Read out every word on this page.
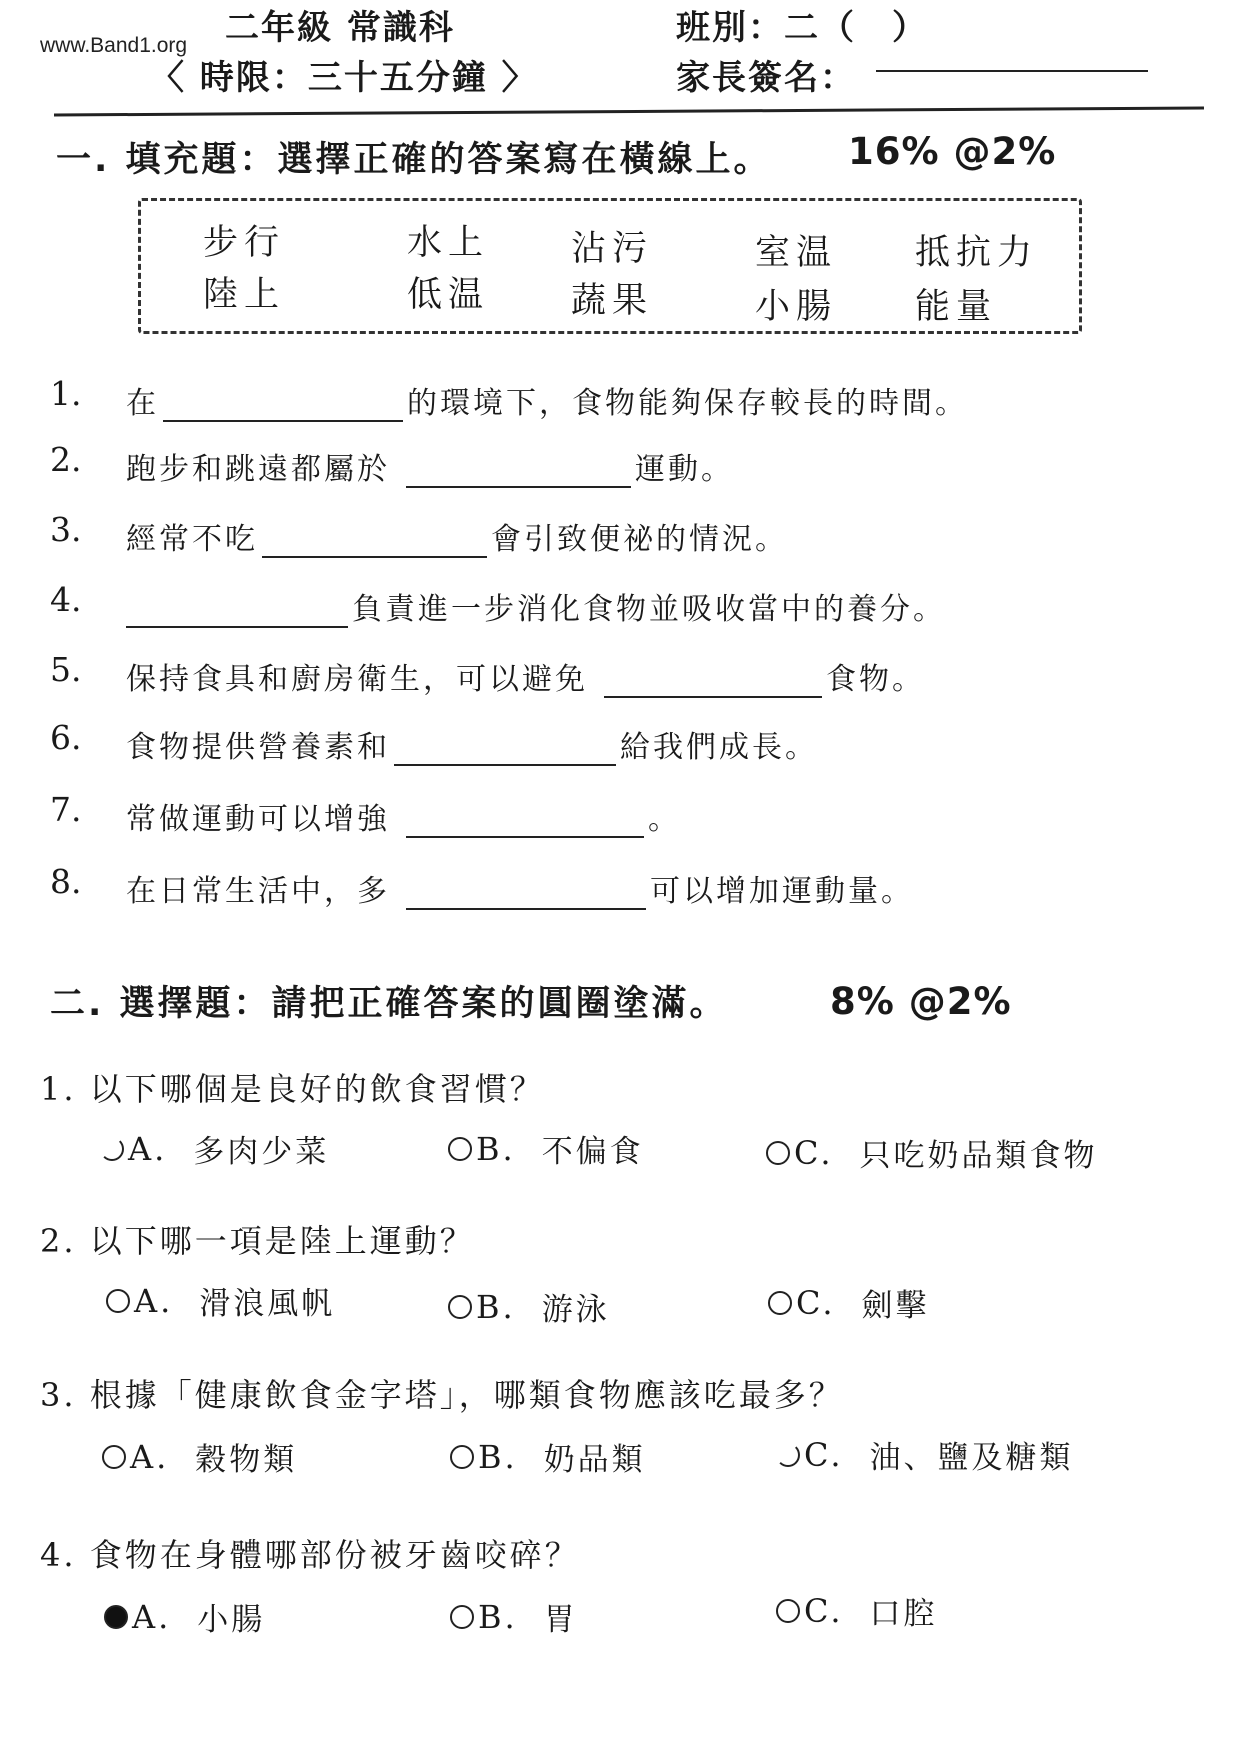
www.Band1.org 二年級 常識科
〈 時限：三十五分鐘 〉
班別：二（　）
家長簽名：
一. 填充題：選擇正確的答案寫在橫線上。 16% @2%
步行	水上 沾污	室温 抵抗力
陸上	低温 蔬果	小腸 能量
1. 在	的環境下，食物能夠保存較長的時間。
2. 跑步和跳遠都屬於	運動。
3. 經常不吃	會引致便祕的情況。
4.	負責進一步消化食物並吸收當中的養分。
5. 保持食具和廚房衛生，可以避免	食物。
6. 食物提供營養素和	給我們成長。
7. 常做運動可以增強	。
8. 在日常生活中，多	可以增加運動量。
二. 選擇題：請把正確答案的圓圈塗滿。	8% @2%
1. 以下哪個是良好的飲食習慣？
A. 多肉少菜	B. 不偏食	C. 只吃奶品類食物
2. 以下哪一項是陸上運動？
A. 滑浪風帆	B. 游泳	C. 劍擊
3. 根據「健康飲食金字塔」，哪類食物應該吃最多？
A. 穀物類	B. 奶品類	C. 油、鹽及糖類
4. 食物在身體哪部份被牙齒咬碎？
A. 小腸	B. 胃	C. 口腔
